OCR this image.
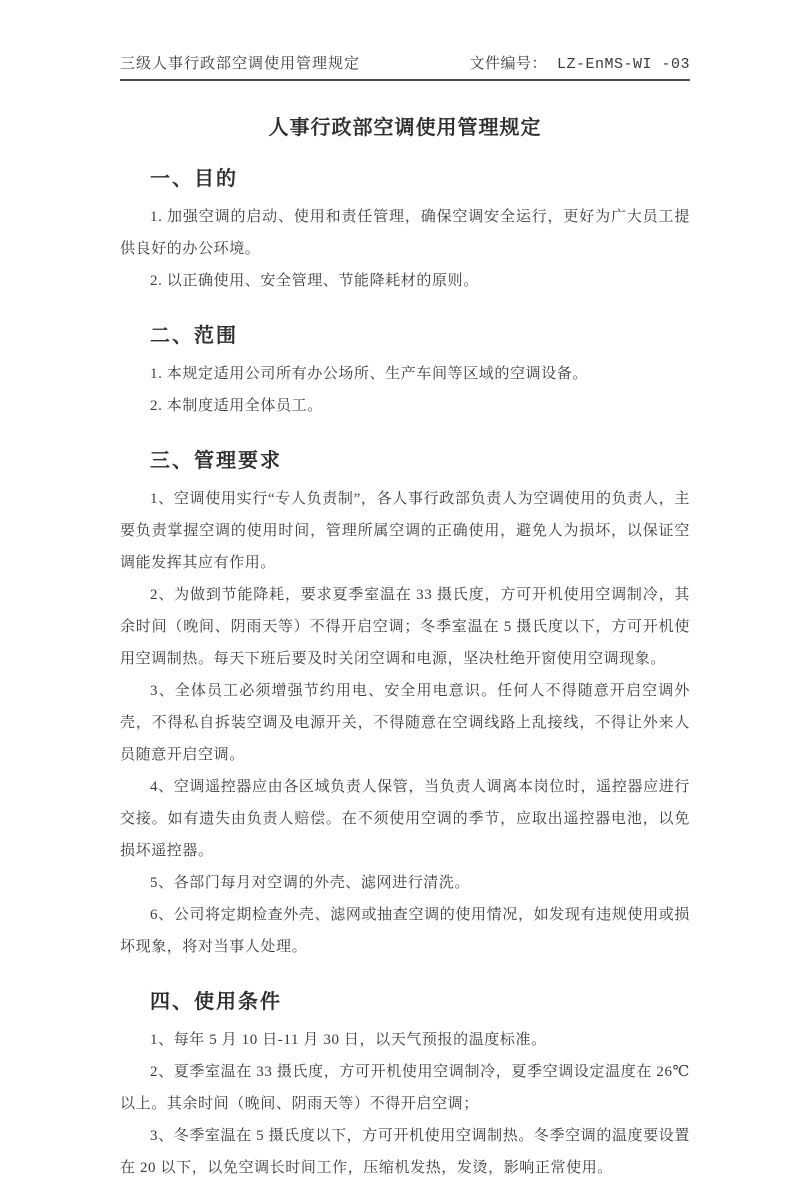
三级人事行政部空调使用管理规定	文件编号： LZ-EnMS-WI -03
人事行政部空调使用管理规定
一、目的

1. 加强空调的启动、使用和责任管理，确保空调安全运行，更好为广大员工提供良好的办公环境。

2. 以正确使用、安全管理、节能降耗材的原则。

二、范围

1. 本规定适用公司所有办公场所、生产车间等区域的空调设备。

2. 本制度适用全体员工。

三、管理要求

1、空调使用实行“专人负责制”，各人事行政部负责人为空调使用的负责人，主要负责掌握空调的使用时间，管理所属空调的正确使用，避免人为损坏，以保证空调能发挥其应有作用。

2、为做到节能降耗，要求夏季室温在 33 摄氏度，方可开机使用空调制冷，其余时间（晚间、阴雨天等）不得开启空调；冬季室温在 5 摄氏度以下，方可开机使用空调制热。每天下班后要及时关闭空调和电源，坚决杜绝开窗使用空调现象。

3、全体员工必须增强节约用电、安全用电意识。任何人不得随意开启空调外壳，不得私自拆装空调及电源开关，不得随意在空调线路上乱接线，不得让外来人员随意开启空调。

4、空调遥控器应由各区域负责人保管，当负责人调离本岗位时，遥控器应进行交接。如有遗失由负责人赔偿。在不须使用空调的季节，应取出遥控器电池，以免损坏遥控器。

5、各部门每月对空调的外壳、滤网进行清洗。

6、公司将定期检查外壳、滤网或抽查空调的使用情况，如发现有违规使用或损坏现象，将对当事人处理。

四、使用条件

1、每年 5 月 10 日-11 月 30 日，以天气预报的温度标准。

2、夏季室温在 33 摄氏度，方可开机使用空调制冷，夏季空调设定温度在 26℃以上。其余时间（晚间、阴雨天等）不得开启空调；

3、冬季室温在 5 摄氏度以下，方可开机使用空调制热。冬季空调的温度要设置在 20 以下，以免空调长时间工作，压缩机发热，发烫，影响正常使用。
